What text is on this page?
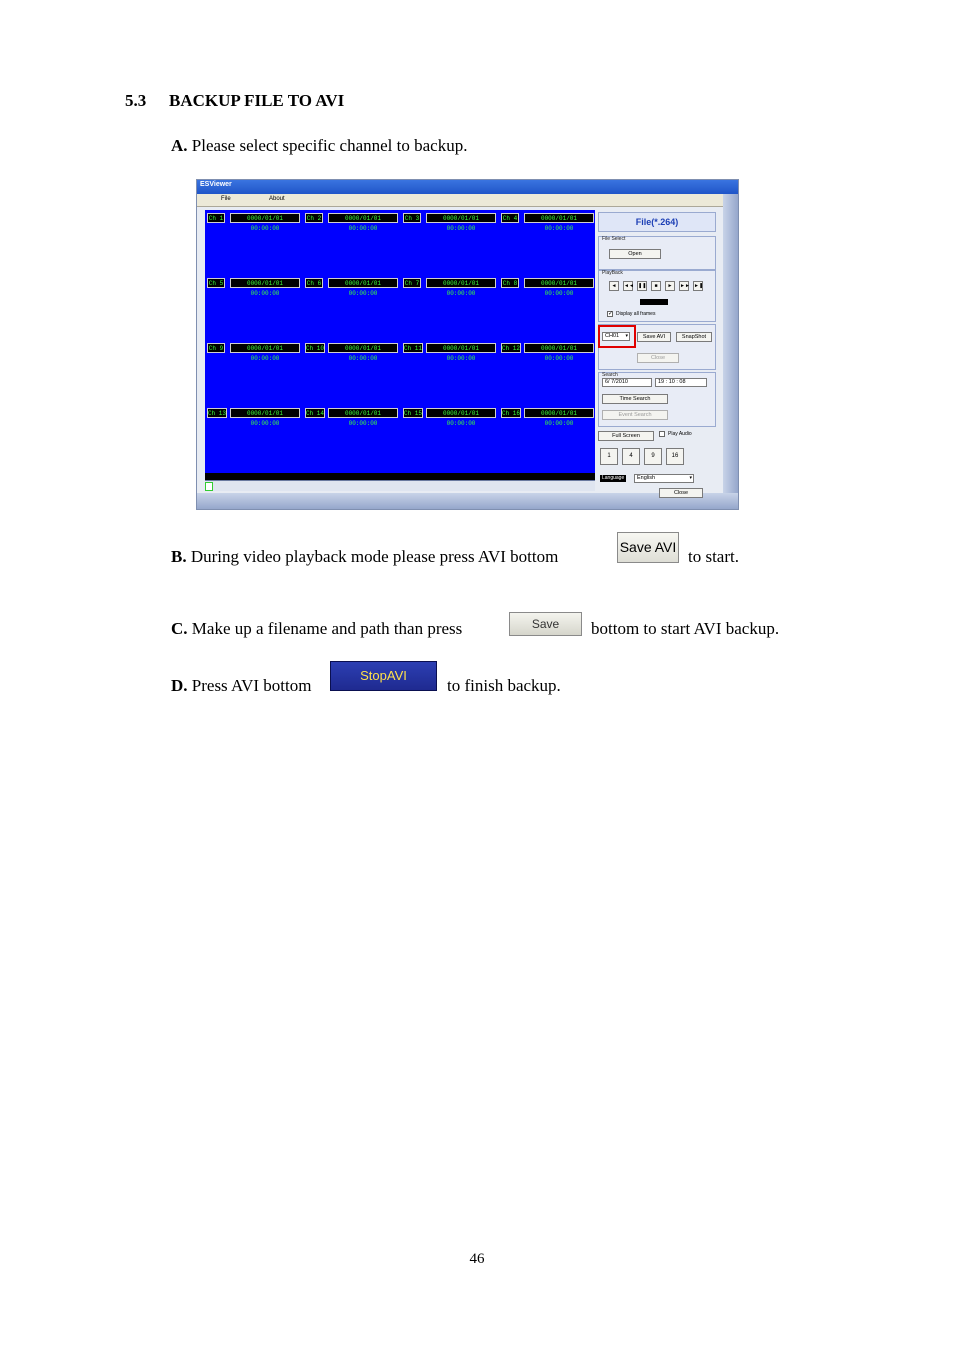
5.3 BACKUP FILE TO AVI
A. Please select specific channel to backup.
ESViewer
File	About
Ch 1	0000/01/01 00:00:00
Ch 2	0000/01/01 00:00:00
Ch 3	0000/01/01 00:00:00
Ch 4	0000/01/01 00:00:00
Ch 5	0000/01/01 00:00:00
Ch 6	0000/01/01 00:00:00
Ch 7	0000/01/01 00:00:00
Ch 8	0000/01/01 00:00:00
Ch 9	0000/01/01 00:00:00
Ch 10	0000/01/01 00:00:00
Ch 11	0000/01/01 00:00:00
Ch 12	0000/01/01 00:00:00
Ch 13	0000/01/01 00:00:00
Ch 14	0000/01/01 00:00:00
Ch 15	0000/01/01 00:00:00
Ch 16	0000/01/01 00:00:00
File(*.264)
File Select
Open
PlayBack
◄	◄◄ ❚❚	■	►	►► ►❚
✓ Display all frames
CH01 ▾	Save AVI	SnapShot
Close
Search
6/ 7/2010	19 : 10 : 08
Time Search
Event Search
Full Screen	Play Audio
1	4	9	16
Language	English	▾
Close
B. During video playback mode please press AVI bottom	Save AVI to start.
C. Make up a filename and path than press	Save	bottom to start AVI backup.
D. Press AVI bottom
StopAVI
to finish backup.
46
